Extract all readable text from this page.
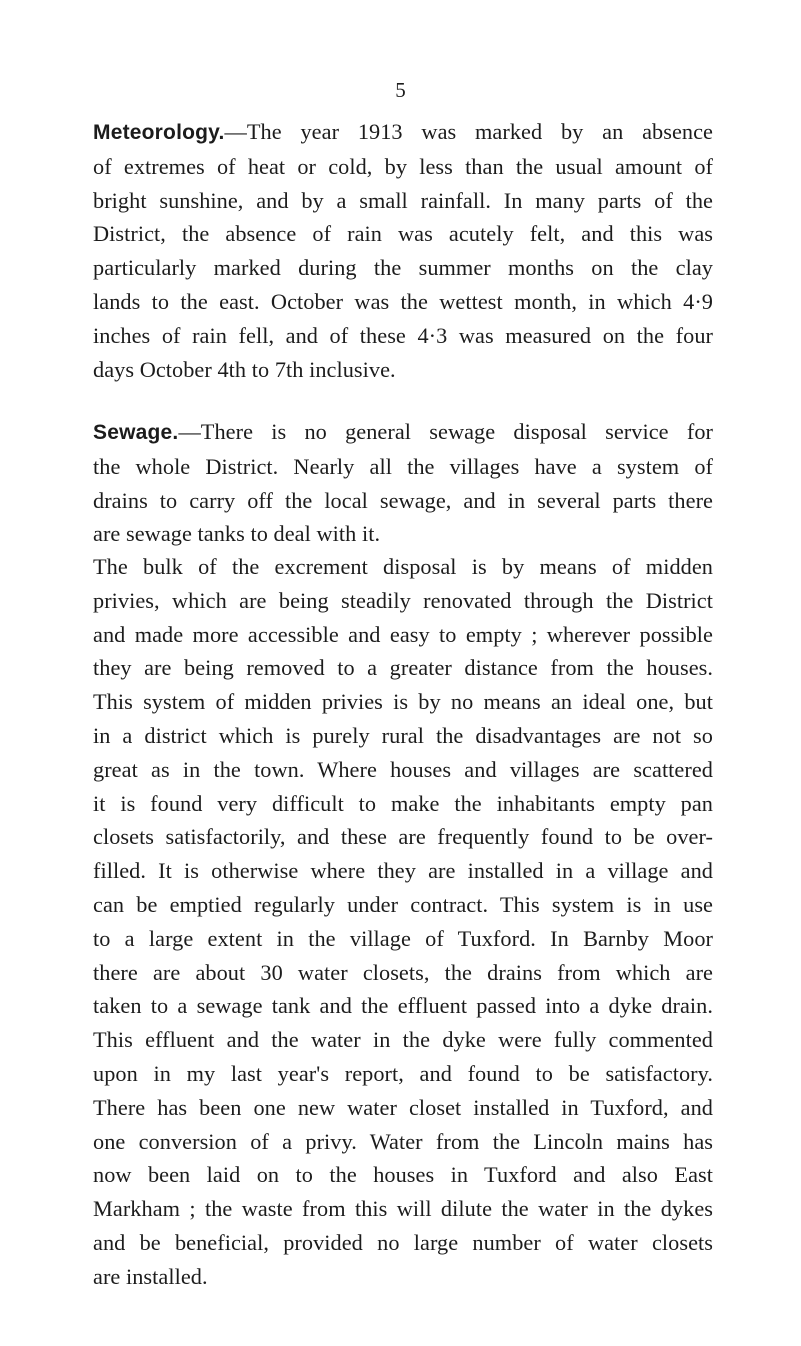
5
Meteorology.—The year 1913 was marked by an absence
of extremes of heat or cold, by less than the usual amount of
bright sunshine, and by a small rainfall. In many parts of the
District, the absence of rain was acutely felt, and this was
particularly marked during the summer months on the clay
lands to the east. October was the wettest month, in which 4·9
inches of rain fell, and of these 4·3 was measured on the four
days October 4th to 7th inclusive.
Sewage.—There is no general sewage disposal service for
the whole District. Nearly all the villages have a system of
drains to carry off the local sewage, and in several parts there
are sewage tanks to deal with it.
The bulk of the excrement disposal is by means of midden
privies, which are being steadily renovated through the District
and made more accessible and easy to empty ; wherever possible
they are being removed to a greater distance from the houses.
This system of midden privies is by no means an ideal one, but
in a district which is purely rural the disadvantages are not so
great as in the town. Where houses and villages are scattered
it is found very difficult to make the inhabitants empty pan
closets satisfactorily, and these are frequently found to be over-
filled. It is otherwise where they are installed in a village and
can be emptied regularly under contract. This system is in use
to a large extent in the village of Tuxford. In Barnby Moor
there are about 30 water closets, the drains from which are
taken to a sewage tank and the effluent passed into a dyke drain.
This effluent and the water in the dyke were fully commented
upon in my last year's report, and found to be satisfactory.
There has been one new water closet installed in Tuxford, and
one conversion of a privy. Water from the Lincoln mains has
now been laid on to the houses in Tuxford and also East
Markham ; the waste from this will dilute the water in the dykes
and be beneficial, provided no large number of water closets
are installed.
